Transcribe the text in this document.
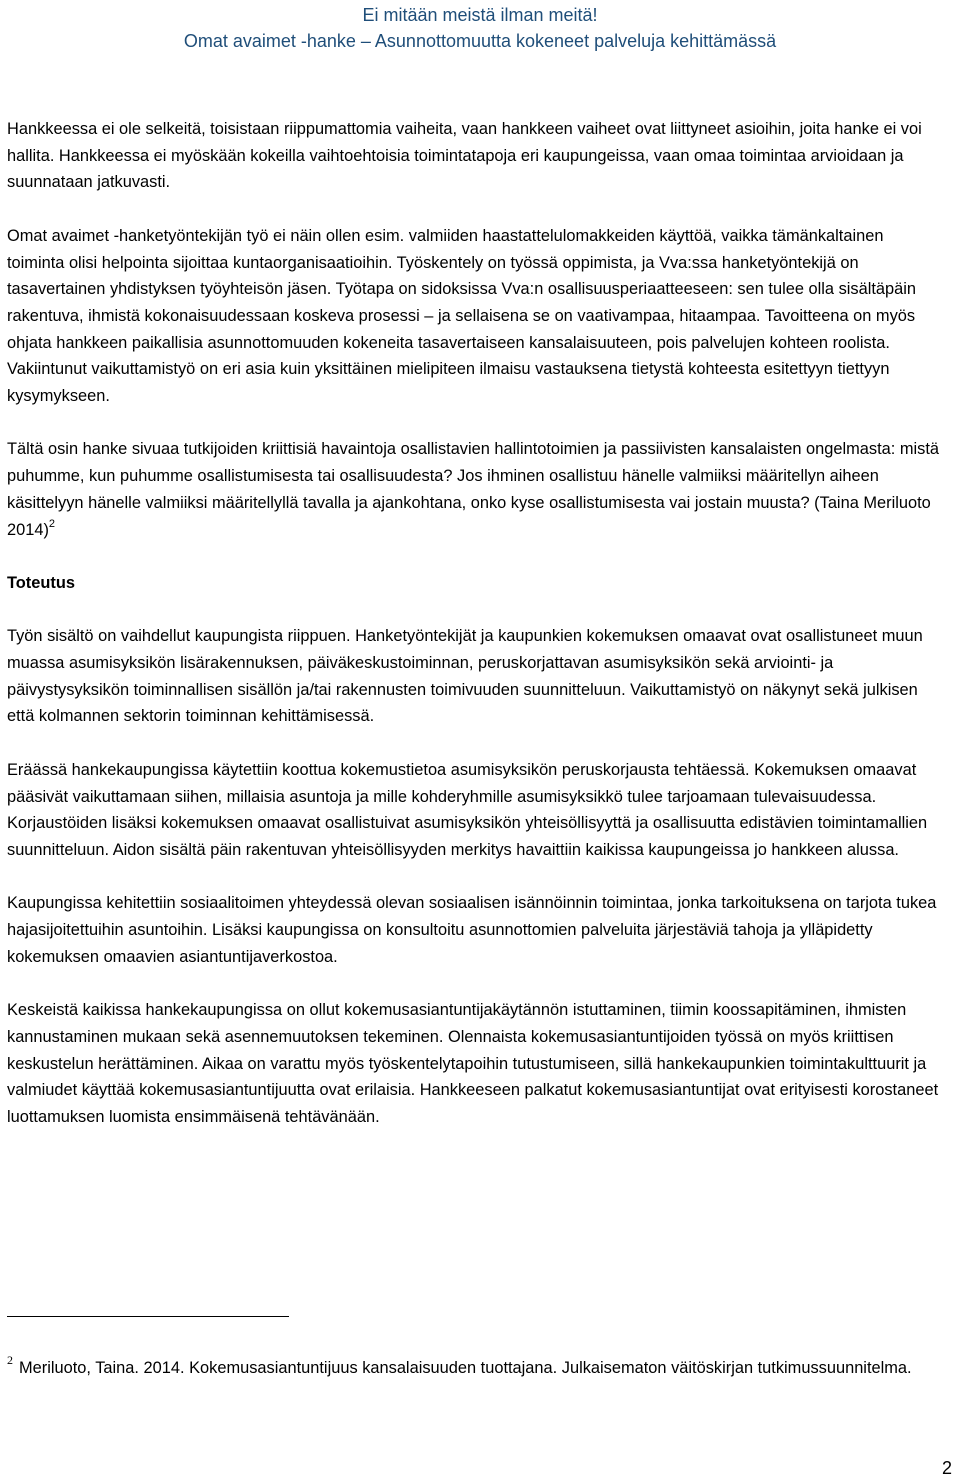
Ei mitään meistä ilman meitä!
Omat avaimet -hanke – Asunnottomuutta kokeneet palveluja kehittämässä

Hankkeessa ei ole selkeitä, toisistaan riippumattomia vaiheita, vaan hankkeen vaiheet ovat liittyneet asioihin, joita hanke ei voi hallita. Hankkeessa ei myöskään kokeilla vaihtoehtoisia toimintatapoja eri kaupungeissa, vaan omaa toimintaa arvioidaan ja suunnataan jatkuvasti.

Omat avaimet -hanketyöntekijän työ ei näin ollen esim. valmiiden haastattelulomakkeiden käyttöä, vaikka tämänkaltainen toiminta olisi helpointa sijoittaa kuntaorganisaatioihin. Työskentely on työssä oppimista, ja Vva:ssa hanketyöntekijä on tasavertainen yhdistyksen työyhteisön jäsen. Työtapa on sidoksissa Vva:n osallisuusperiaatteeseen: sen tulee olla sisältäpäin rakentuva, ihmistä kokonaisuudessaan koskeva prosessi – ja sellaisena se on vaativampaa, hitaampaa. Tavoitteena on myös ohjata hankkeen paikallisia asunnottomuuden kokeneita tasavertaiseen kansalaisuuteen, pois palvelujen kohteen roolista. Vakiintunut vaikuttamistyö on eri asia kuin yksittäinen mielipiteen ilmaisu vastauksena tietystä kohteesta esitettyyn tiettyyn kysymykseen.

Tältä osin hanke sivuaa tutkijoiden kriittisiä havaintoja osallistavien hallintotoimien ja passiivisten kansalaisten ongelmasta: mistä puhumme, kun puhumme osallistumisesta tai osallisuudesta? Jos ihminen osallistuu hänelle valmiiksi määritellyn aiheen käsittelyyn hänelle valmiiksi määritellyllä tavalla ja ajankohtana, onko kyse osallistumisesta vai jostain muusta? (Taina Meriluoto 2014)$^2$

Toteutus

Työn sisältö on vaihdellut kaupungista riippuen. Hanketyöntekijät ja kaupunkien kokemuksen omaavat ovat osallistuneet muun muassa asumisyksikön lisärakennuksen, päiväkeskustoiminnan, peruskorjattavan asumisyksikön sekä arviointi- ja päivystysyksikön toiminnallisen sisällön ja/tai rakennusten toimivuuden suunnitteluun. Vaikuttamistyö on näkynyt sekä julkisen että kolmannen sektorin toiminnan kehittämisessä.

Eräässä hankekaupungissa käytettiin koottua kokemustietoa asumisyksikön peruskorjausta tehtäessä. Kokemuksen omaavat pääsivät vaikuttamaan siihen, millaisia asuntoja ja mille kohderyhmille asumisyksikkö tulee tarjoamaan tulevaisuudessa. Korjaustöiden lisäksi kokemuksen omaavat osallistuivat asumisyksikön yhteisöllisyyttä ja osallisuutta edistävien toimintamallien suunnitteluun. Aidon sisältä päin rakentuvan yhteisöllisyyden merkitys havaittiin kaikissa kaupungeissa jo hankkeen alussa.

Kaupungissa kehitettiin sosiaalitoimen yhteydessä olevan sosiaalisen isännöinnin toimintaa, jonka tarkoituksena on tarjota tukea hajasijoitettuihin asuntoihin. Lisäksi kaupungissa on konsultoitu asunnottomien palveluita järjestäviä tahoja ja ylläpidetty kokemuksen omaavien asiantuntijaverkostoa.

Keskeistä kaikissa hankekaupungissa on ollut kokemusasiantuntijakäytännön istuttaminen, tiimin koossapitäminen, ihmisten kannustaminen mukaan sekä asennemuutoksen tekeminen. Olennaista kokemusasiantuntijoiden työssä on myös kriittisen keskustelun herättäminen. Aikaa on varattu myös työskentelytapoihin tutustumiseen, sillä hankekaupunkien toimintakulttuurit ja valmiudet käyttää kokemusasiantuntijuutta ovat erilaisia. Hankkeeseen palkatut kokemusasiantuntijat ovat erityisesti korostaneet luottamuksen luomista ensimmäisenä tehtävänään.

$^2$ Meriluoto, Taina. 2014. Kokemusasiantuntijuus kansalaisuuden tuottajana. Julkaisematon väitöskirjan tutkimussuunnitelma.
2
